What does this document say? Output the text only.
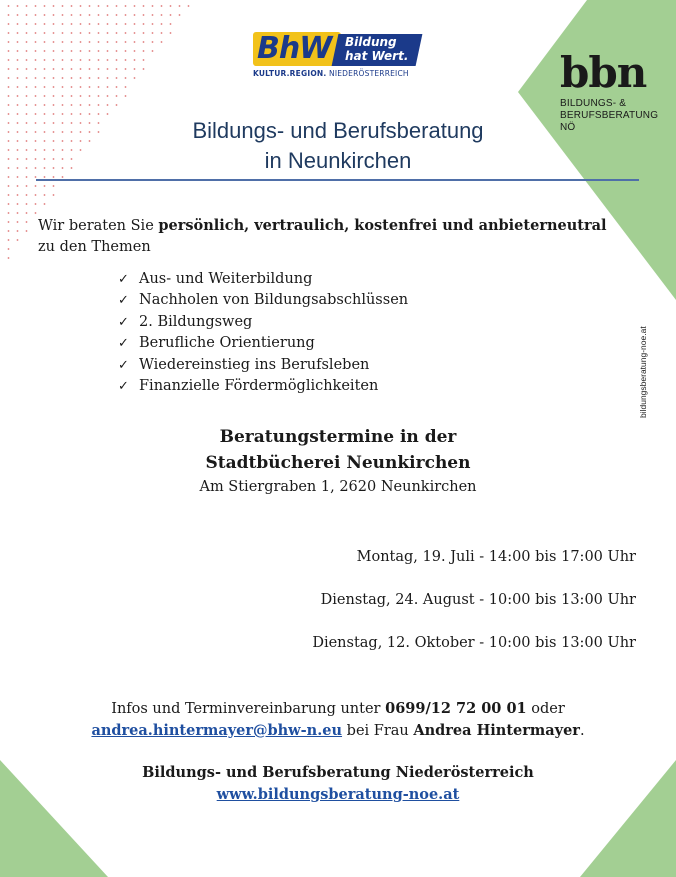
BhW Bildung
hat Wert.
KULTUR.REGION. NIEDERÖSTERREICH	bbn
BILDUNGS- &
BERUFSBERATUNG
NÖ
bildungsberatung-noe.at
Bildungs- und Berufsberatung
in Neunkirchen
Wir beraten Sie persönlich, vertraulich, kostenfrei und anbieterneutral
zu den Themen
✓ Aus- und Weiterbildung
✓ Nachholen von Bildungsabschlüssen
✓ 2. Bildungsweg
✓ Berufliche Orientierung
✓ Wiedereinstieg ins Berufsleben
✓ Finanzielle Fördermöglichkeiten
Beratungstermine in der
Stadtbücherei Neunkirchen
Am Stiergraben 1, 2620 Neunkirchen
Montag, 19. Juli - 14:00 bis 17:00 Uhr
Dienstag, 24. August - 10:00 bis 13:00 Uhr
Dienstag, 12. Oktober - 10:00 bis 13:00 Uhr
Infos und Terminvereinbarung unter 0699/12 72 00 01 oder
andrea.hintermayer@bhw-n.eu bei Frau Andrea Hintermayer.
Bildungs- und Berufsberatung Niederösterreich
www.bildungsberatung-noe.at
